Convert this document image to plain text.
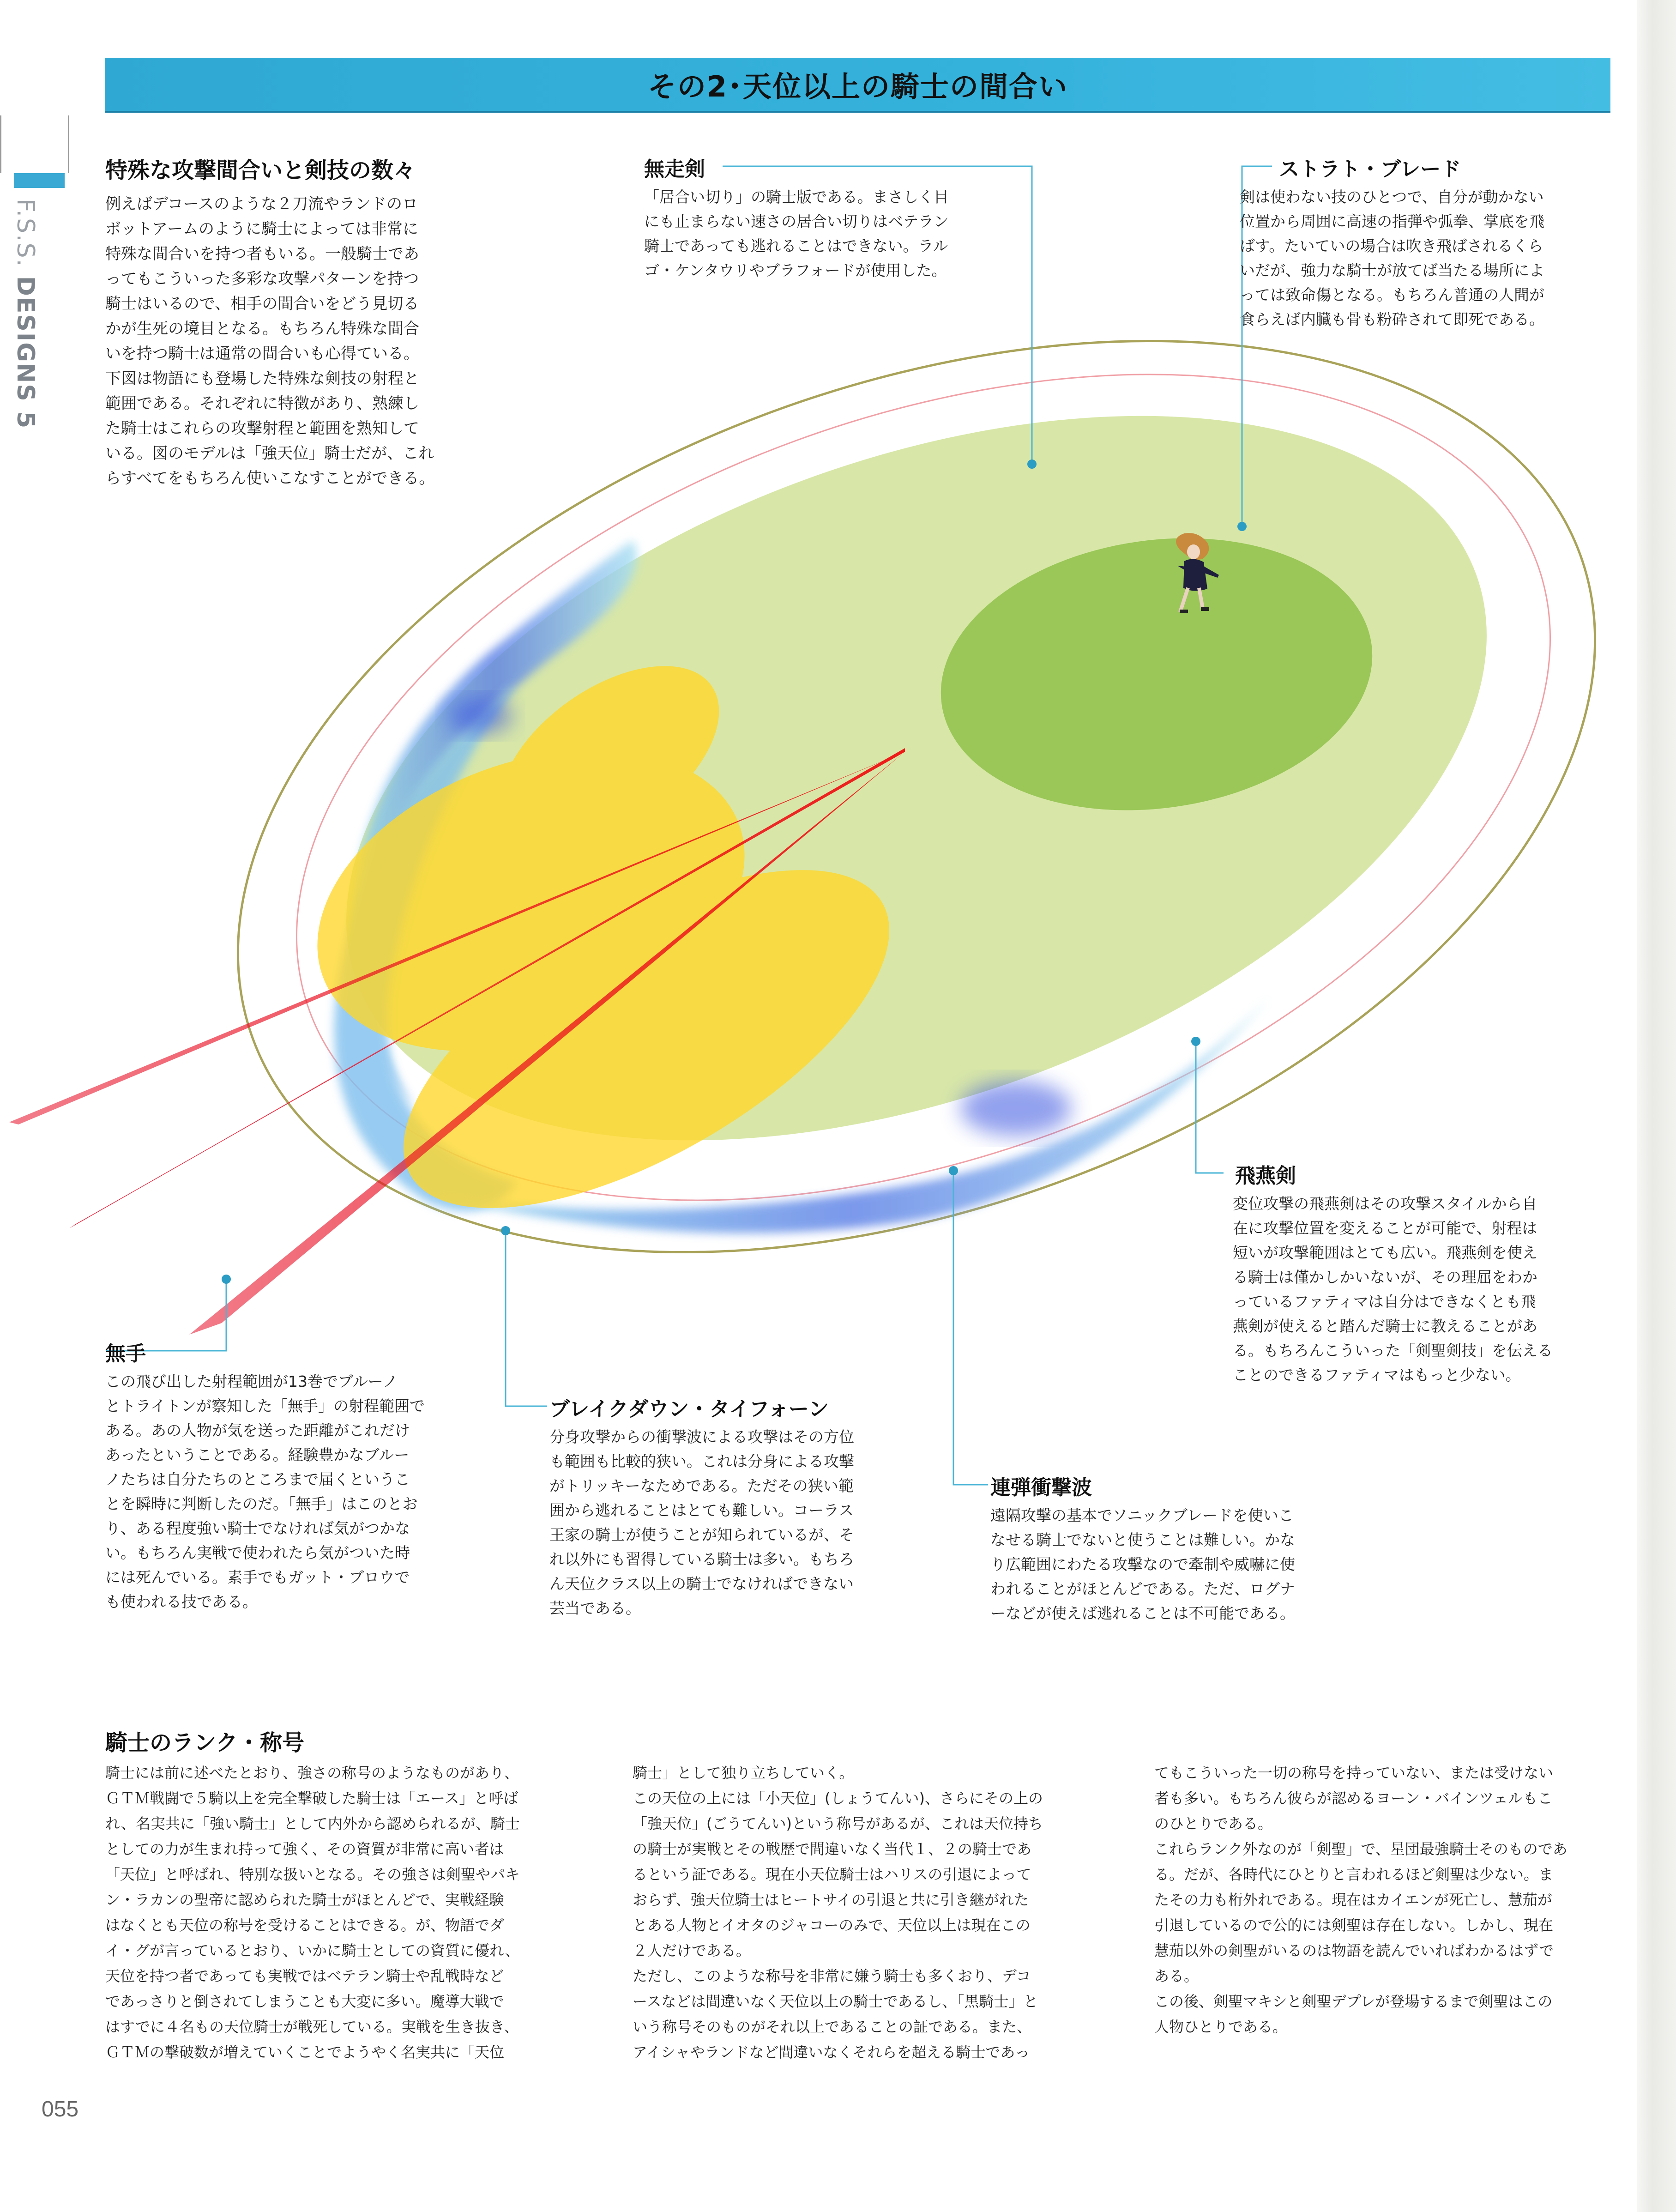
F.S.S. DESIGNS 5
その2･天位以上の騎士の間合い
特殊な攻撃間合いと剣技の数々
例えばデコースのような２刀流やランドのロ
ボットアームのように騎士によっては非常に
特殊な間合いを持つ者もいる。一般騎士であ
ってもこういった多彩な攻撃パターンを持つ
騎士はいるので、相手の間合いをどう見切る
かが生死の境目となる。もちろん特殊な間合
いを持つ騎士は通常の間合いも心得ている。
下図は物語にも登場した特殊な剣技の射程と
範囲である。それぞれに特徴があり、熟練し
た騎士はこれらの攻撃射程と範囲を熟知して
いる。図のモデルは「強天位」騎士だが、これ
らすべてをもちろん使いこなすことができる。
無走剣
「居合い切り」の騎士版である。まさしく目
にも止まらない速さの居合い切りはベテラン
騎士であっても逃れることはできない。ラル
ゴ・ケンタウリやブラフォードが使用した。
ストラト・ブレード
剣は使わない技のひとつで、自分が動かない
位置から周囲に高速の指弾や弧拳、掌底を飛
ばす。たいていの場合は吹き飛ばされるくら
いだが、強力な騎士が放てば当たる場所によ
っては致命傷となる。もちろん普通の人間が
食らえば内臓も骨も粉砕されて即死である。
飛燕剣
変位攻撃の飛燕剣はその攻撃スタイルから自
在に攻撃位置を変えることが可能で、射程は
短いが攻撃範囲はとても広い。飛燕剣を使え
る騎士は僅かしかいないが、その理屈をわか
っているファティマは自分はできなくとも飛
燕剣が使えると踏んだ騎士に教えることがあ
る。もちろんこういった「剣聖剣技」を伝える
ことのできるファティマはもっと少ない。
無手
この飛び出した射程範囲が13巻でブルーノ
とトライトンが察知した「無手」の射程範囲で
ある。あの人物が気を送った距離がこれだけ
あったということである。経験豊かなブルー
ノたちは自分たちのところまで届くというこ
とを瞬時に判断したのだ。「無手」はこのとお
り、ある程度強い騎士でなければ気がつかな
い。もちろん実戦で使われたら気がついた時
には死んでいる。素手でもガット・ブロウで
も使われる技である。
ブレイクダウン・タイフォーン
分身攻撃からの衝撃波による攻撃はその方位
も範囲も比較的狭い。これは分身による攻撃
がトリッキーなためである。ただその狭い範
囲から逃れることはとても難しい。コーラス
王家の騎士が使うことが知られているが、そ
れ以外にも習得している騎士は多い。もちろ
ん天位クラス以上の騎士でなければできない
芸当である。
連弾衝撃波
遠隔攻撃の基本でソニックブレードを使いこ
なせる騎士でないと使うことは難しい。かな
り広範囲にわたる攻撃なので牽制や威嚇に使
われることがほとんどである。ただ、ログナ
ーなどが使えば逃れることは不可能である。
騎士のランク・称号
騎士には前に述べたとおり、強さの称号のようなものがあり、
ＧＴＭ戦闘で５騎以上を完全撃破した騎士は「エース」と呼ば
れ、名実共に「強い騎士」として内外から認められるが、騎士
としての力が生まれ持って強く、その資質が非常に高い者は
「天位」と呼ばれ、特別な扱いとなる。その強さは剣聖やパキ
ン・ラカンの聖帝に認められた騎士がほとんどで、実戦経験
はなくとも天位の称号を受けることはできる。が、物語でダ
イ・グが言っているとおり、いかに騎士としての資質に優れ、
天位を持つ者であっても実戦ではベテラン騎士や乱戦時など
であっさりと倒されてしまうことも大変に多い。魔導大戦で
はすでに４名もの天位騎士が戦死している。実戦を生き抜き、
ＧＴＭの撃破数が増えていくことでようやく名実共に「天位
騎士」として独り立ちしていく。
この天位の上には「小天位」(しょうてんい)、さらにその上の
「強天位」(ごうてんい)という称号があるが、これは天位持ち
の騎士が実戦とその戦歴で間違いなく当代１、２の騎士であ
るという証である。現在小天位騎士はハリスの引退によって
おらず、強天位騎士はヒートサイの引退と共に引き継がれた
とある人物とイオタのジャコーのみで、天位以上は現在この
２人だけである。
ただし、このような称号を非常に嫌う騎士も多くおり、デコ
ースなどは間違いなく天位以上の騎士であるし、「黒騎士」と
いう称号そのものがそれ以上であることの証である。また、
アイシャやランドなど間違いなくそれらを超える騎士であっ
てもこういった一切の称号を持っていない、または受けない
者も多い。もちろん彼らが認めるヨーン・バインツェルもこ
のひとりである。
これらランク外なのが「剣聖」で、星団最強騎士そのものであ
る。だが、各時代にひとりと言われるほど剣聖は少ない。ま
たその力も桁外れである。現在はカイエンが死亡し、慧茄が
引退しているので公的には剣聖は存在しない。しかし、現在
慧茄以外の剣聖がいるのは物語を読んでいればわかるはずで
ある。
この後、剣聖マキシと剣聖デプレが登場するまで剣聖はこの
人物ひとりである。
055
